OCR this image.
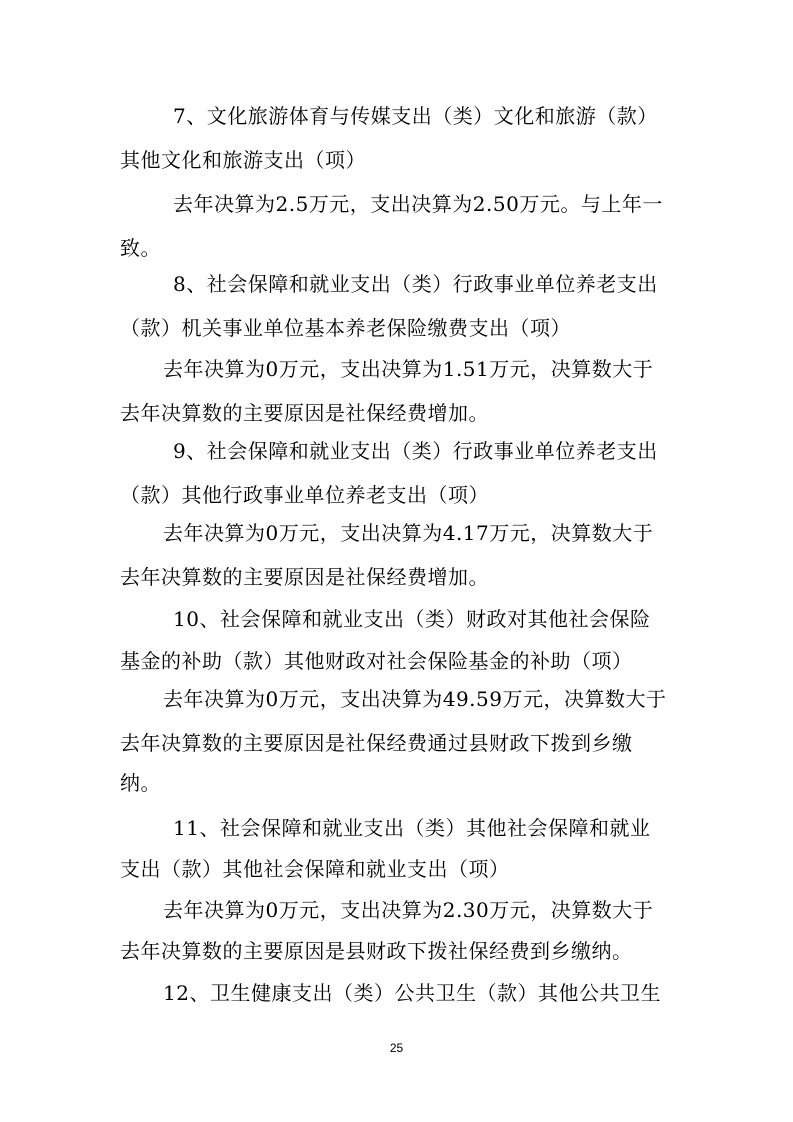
7、文化旅游体育与传媒支出（类）文化和旅游（款）
其他文化和旅游支出（项）
去年决算为2.5万元，支出决算为2.50万元。与上年一
致。
8、社会保障和就业支出（类）行政事业单位养老支出
（款）机关事业单位基本养老保险缴费支出（项）
去年决算为0万元，支出决算为1.51万元，决算数大于
去年决算数的主要原因是社保经费增加。
9、社会保障和就业支出（类）行政事业单位养老支出
（款）其他行政事业单位养老支出（项）
去年决算为0万元，支出决算为4.17万元，决算数大于
去年决算数的主要原因是社保经费增加。
10、社会保障和就业支出（类）财政对其他社会保险
基金的补助（款）其他财政对社会保险基金的补助（项）
去年决算为0万元，支出决算为49.59万元，决算数大于
去年决算数的主要原因是社保经费通过县财政下拨到乡缴
纳。
11、社会保障和就业支出（类）其他社会保障和就业
支出（款）其他社会保障和就业支出（项）
去年决算为0万元，支出决算为2.30万元，决算数大于
去年决算数的主要原因是县财政下拨社保经费到乡缴纳。
12、卫生健康支出（类）公共卫生（款）其他公共卫生
25
